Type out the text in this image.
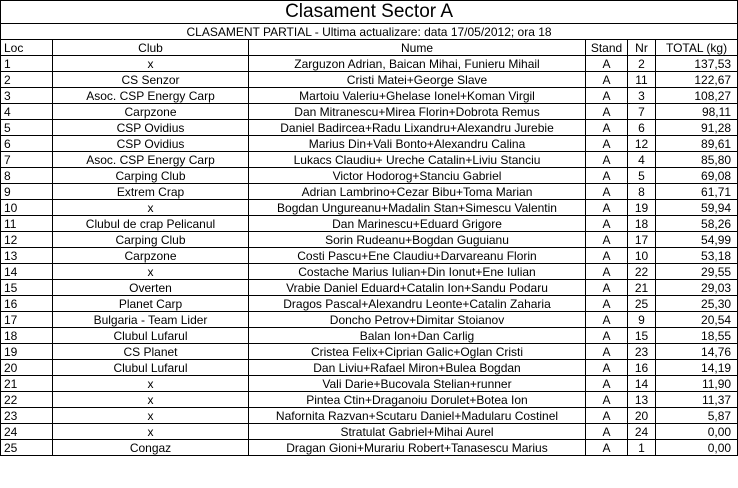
Clasament Sector A					
CLASAMENT PARTIAL - Ultima actualizare: data 17/05/2012; ora 18					
Loc	Club	Nume	Stand	Nr	TOTAL (kg)
1	x	Zarguzon Adrian, Baican Mihai, Funieru Mihail	A	2	137,53
2	CS Senzor	Cristi Matei+George Slave	A	11	122,67
3	Asoc. CSP Energy Carp	Martoiu Valeriu+Ghelase Ionel+Koman Virgil	A	3	108,27
4	Carpzone	Dan Mitranescu+Mirea Florin+Dobrota Remus	A	7	98,11
5	CSP Ovidius	Daniel Badircea+Radu Lixandru+Alexandru Jurebie	A	6	91,28
6	CSP Ovidius	Marius Din+Vali Bonto+Alexandru Calina	A	12	89,61
7	Asoc. CSP Energy Carp	Lukacs Claudiu+ Ureche Catalin+Liviu Stanciu	A	4	85,80
8	Carping Club	Victor Hodorog+Stanciu Gabriel	A	5	69,08
9	Extrem Crap	Adrian Lambrino+Cezar Bibu+Toma Marian	A	8	61,71
10	x	Bogdan Ungureanu+Madalin Stan+Simescu Valentin	A	19	59,94
11	Clubul de crap Pelicanul	Dan Marinescu+Eduard Grigore	A	18	58,26
12	Carping Club	Sorin Rudeanu+Bogdan Guguianu	A	17	54,99
13	Carpzone	Costi Pascu+Ene Claudiu+Darvareanu Florin	A	10	53,18
14	x	Costache Marius Iulian+Din Ionut+Ene Iulian	A	22	29,55
15	Overten	Vrabie Daniel Eduard+Catalin Ion+Sandu Podaru	A	21	29,03
16	Planet Carp	Dragos Pascal+Alexandru Leonte+Catalin Zaharia	A	25	25,30
17	Bulgaria - Team Lider	Doncho Petrov+Dimitar Stoianov	A	9	20,54
18	Clubul Lufarul	Balan Ion+Dan Carlig	A	15	18,55
19	CS Planet	Cristea Felix+Ciprian Galic+Oglan Cristi	A	23	14,76
20	Clubul Lufarul	Dan Liviu+Rafael Miron+Bulea Bogdan	A	16	14,19
21	x	Vali Darie+Bucovala Stelian+runner	A	14	11,90
22	x	Pintea Ctin+Draganoiu Dorulet+Botea Ion	A	13	11,37
23	x	Nafornita Razvan+Scutaru Daniel+Madularu Costinel	A	20	5,87
24	x	Stratulat Gabriel+Mihai Aurel	A	24	0,00
25	Congaz	Dragan Gioni+Murariu Robert+Tanasescu Marius	A	1	0,00
